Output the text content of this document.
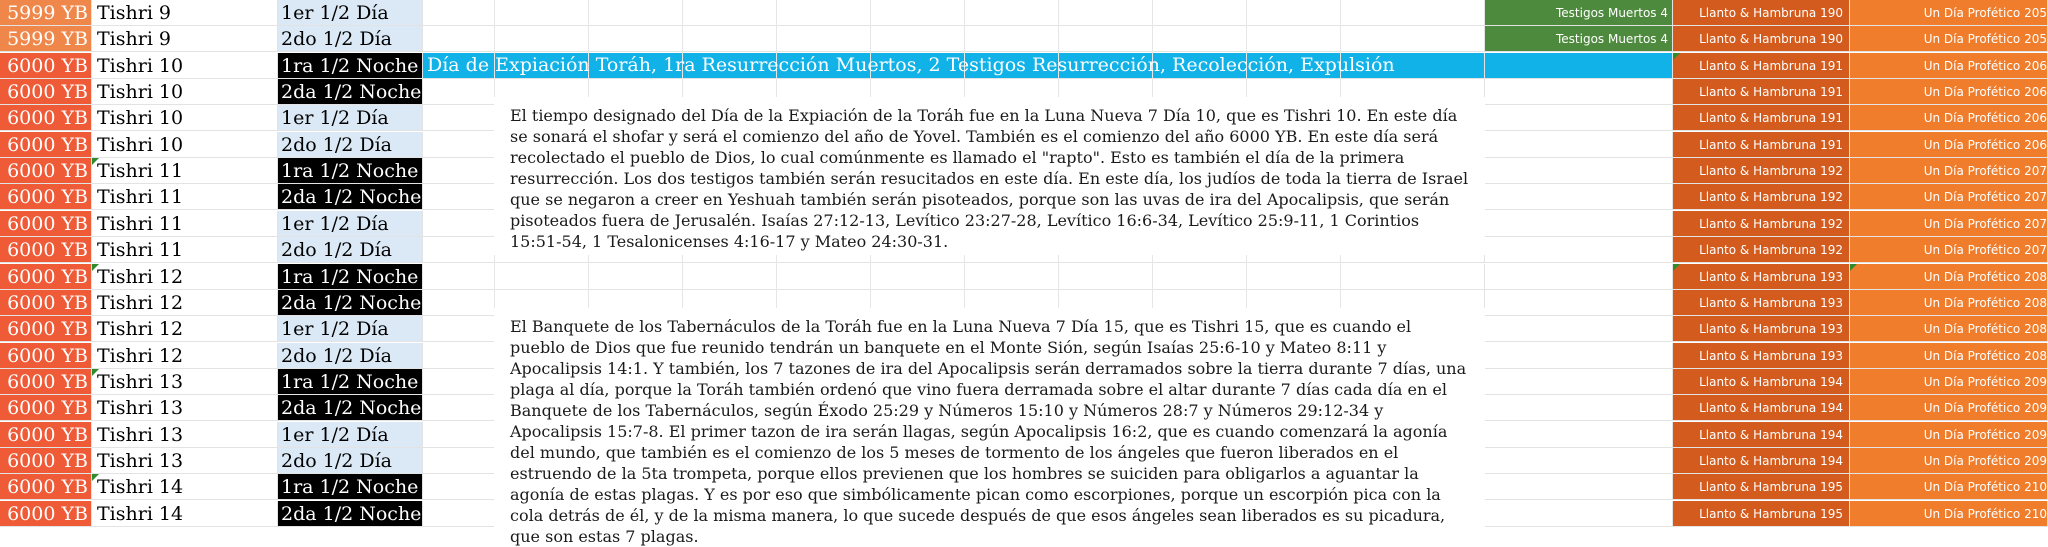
5999 YB Tishri 9	1er 1/2 Día	Testigos Muertos 4	Llanto & Hambruna 190	Un Día Profético 205
5999 YB Tishri 9	2do 1/2 Día	Testigos Muertos 4	Llanto & Hambruna 190	Un Día Profético 205
6000 YB Tishri 10	1ra 1/2 Noche	Llanto & Hambruna 191	Un Día Profético 206
6000 YB Tishri 10	2da 1/2 Noche	Llanto & Hambruna 191	Un Día Profético 206
6000 YB Tishri 10	1er 1/2 Día	Llanto & Hambruna 191	Un Día Profético 206
6000 YB Tishri 10	2do 1/2 Día	Llanto & Hambruna 191	Un Día Profético 206
6000 YB Tishri 11	1ra 1/2 Noche	Llanto & Hambruna 192	Un Día Profético 207
6000 YB Tishri 11	2da 1/2 Noche	Llanto & Hambruna 192	Un Día Profético 207
6000 YB Tishri 11	1er 1/2 Día	Llanto & Hambruna 192	Un Día Profético 207
6000 YB Tishri 11	2do 1/2 Día	Llanto & Hambruna 192	Un Día Profético 207
6000 YB Tishri 12	1ra 1/2 Noche	Llanto & Hambruna 193	Un Día Profético 208
6000 YB Tishri 12	2da 1/2 Noche	Llanto & Hambruna 193	Un Día Profético 208
6000 YB Tishri 12	1er 1/2 Día	Llanto & Hambruna 193	Un Día Profético 208
6000 YB Tishri 12	2do 1/2 Día	Llanto & Hambruna 193	Un Día Profético 208
6000 YB Tishri 13	1ra 1/2 Noche	Llanto & Hambruna 194	Un Día Profético 209
6000 YB Tishri 13	2da 1/2 Noche	Llanto & Hambruna 194	Un Día Profético 209
6000 YB Tishri 13	1er 1/2 Día	Llanto & Hambruna 194	Un Día Profético 209
6000 YB Tishri 13	2do 1/2 Día	Llanto & Hambruna 194	Un Día Profético 209
6000 YB Tishri 14	1ra 1/2 Noche	Llanto & Hambruna 195	Un Día Profético 210
6000 YB Tishri 14	2da 1/2 Noche	Llanto & Hambruna 195	Un Día Profético 210
Día de Expiación Toráh, 1ra Resurrección Muertos, 2 Testigos Resurrección, Recolección, Expulsión
El tiempo designado del Día de la Expiación de la Toráh fue en la Luna Nueva 7 Día 10, que es Tishri 10. En este día se sonará el shofar y será el comienzo del año de Yovel. También es el comienzo del año 6000 YB. En este día será recolectado el pueblo de Dios, lo cual comúnmente es llamado el "rapto". Esto es también el día de la primera resurrección. Los dos testigos también serán resucitados en este día. En este día, los judíos de toda la tierra de Israel que se negaron a creer en Yeshuah también serán pisoteados, porque son las uvas de ira del Apocalipsis, que serán pisoteados fuera de Jerusalén. Isaías 27:12-13, Levítico 23:27-28, Levítico 16:6-34, Levítico 25:9-11, 1 Corintios 15:51-54, 1 Tesalonicenses 4:16-17 y Mateo 24:30-31.
El Banquete de los Tabernáculos de la Toráh fue en la Luna Nueva 7 Día 15, que es Tishri 15, que es cuando el pueblo de Dios que fue reunido tendrán un banquete en el Monte Sión, según Isaías 25:6-10 y Mateo 8:11 y Apocalipsis 14:1. Y también, los 7 tazones de ira del Apocalipsis serán derramados sobre la tierra durante 7 días, una plaga al día, porque la Toráh también ordenó que vino fuera derramada sobre el altar durante 7 días cada día en el Banquete de los Tabernáculos, según Éxodo 25:29 y Números 15:10 y Números 28:7 y Números 29:12-34 y Apocalipsis 15:7-8. El primer tazon de ira serán llagas, según Apocalipsis 16:2, que es cuando comenzará la agonía del mundo, que también es el comienzo de los 5 meses de tormento de los ángeles que fueron liberados en el estruendo de la 5ta trompeta, porque ellos previenen que los hombres se suiciden para obligarlos a aguantar la agonía de estas plagas. Y es por eso que simbólicamente pican como escorpiones, porque un escorpión pica con la cola detrás de él, y de la misma manera, lo que sucede después de que esos ángeles sean liberados es su picadura, que son estas 7 plagas.
